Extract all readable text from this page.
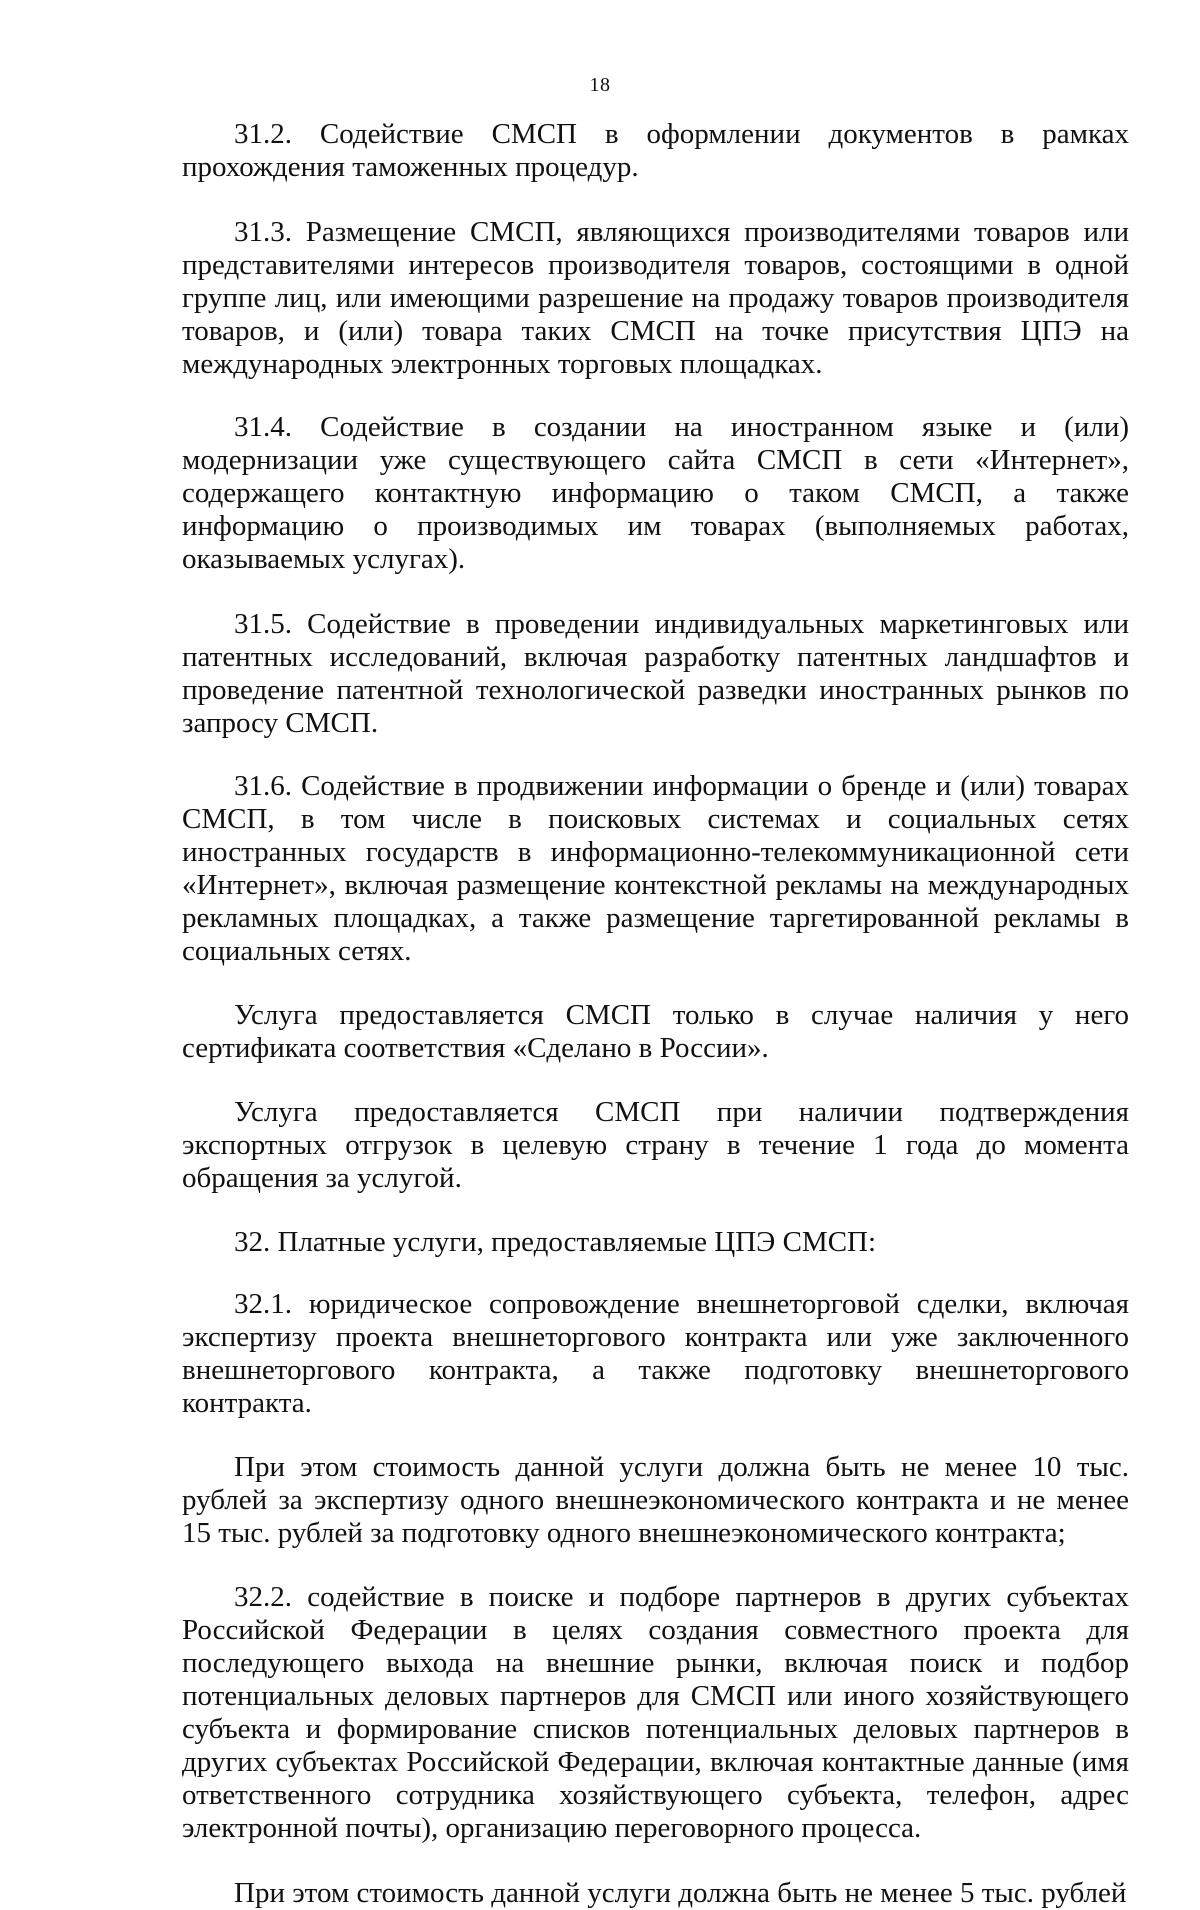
18

31.2. Содействие СМСП в оформлении документов в рамках прохождения таможенных процедур.

31.3. Размещение СМСП, являющихся производителями товаров или представителями интересов производителя товаров, состоящими в одной группе лиц, или имеющими разрешение на продажу товаров производителя товаров, и (или) товара таких СМСП на точке присутствия ЦПЭ на международных электронных торговых площадках.

31.4. Содействие в создании на иностранном языке и (или) модернизации уже существующего сайта СМСП в сети «Интернет», содержащего контактную информацию о таком СМСП, а также информацию о производимых им товарах (выполняемых работах, оказываемых услугах).

31.5. Содействие в проведении индивидуальных маркетинговых или патентных исследований, включая разработку патентных ландшафтов и проведение патентной технологической разведки иностранных рынков по запросу СМСП.

31.6. Содействие в продвижении информации о бренде и (или) товарах СМСП, в том числе в поисковых системах и социальных сетях иностранных государств в информационно-телекоммуникационной сети «Интернет», включая размещение контекстной рекламы на международных рекламных площадках, а также размещение таргетированной рекламы в социальных сетях.

Услуга предоставляется СМСП только в случае наличия у него сертификата соответствия «Сделано в России».

Услуга предоставляется СМСП при наличии подтверждения экспортных отгрузок в целевую страну в течение 1 года до момента обращения за услугой.

32. Платные услуги, предоставляемые ЦПЭ СМСП:

32.1. юридическое сопровождение внешнеторговой сделки, включая экспертизу проекта внешнеторгового контракта или уже заключенного внешнеторгового контракта, а также подготовку внешнеторгового контракта.

При этом стоимость данной услуги должна быть не менее 10 тыс. рублей за экспертизу одного внешнеэкономического контракта и не менее 15 тыс. рублей за подготовку одного внешнеэкономического контракта;

32.2. содействие в поиске и подборе партнеров в других субъектах Российской Федерации в целях создания совместного проекта для последующего выхода на внешние рынки, включая поиск и подбор потенциальных деловых партнеров для СМСП или иного хозяйствующего субъекта и формирование списков потенциальных деловых партнеров в других субъектах Российской Федерации, включая контактные данные (имя ответственного сотрудника хозяйствующего субъекта, телефон, адрес электронной почты), организацию переговорного процесса.

При этом стоимость данной услуги должна быть не менее 5 тыс. рублей
